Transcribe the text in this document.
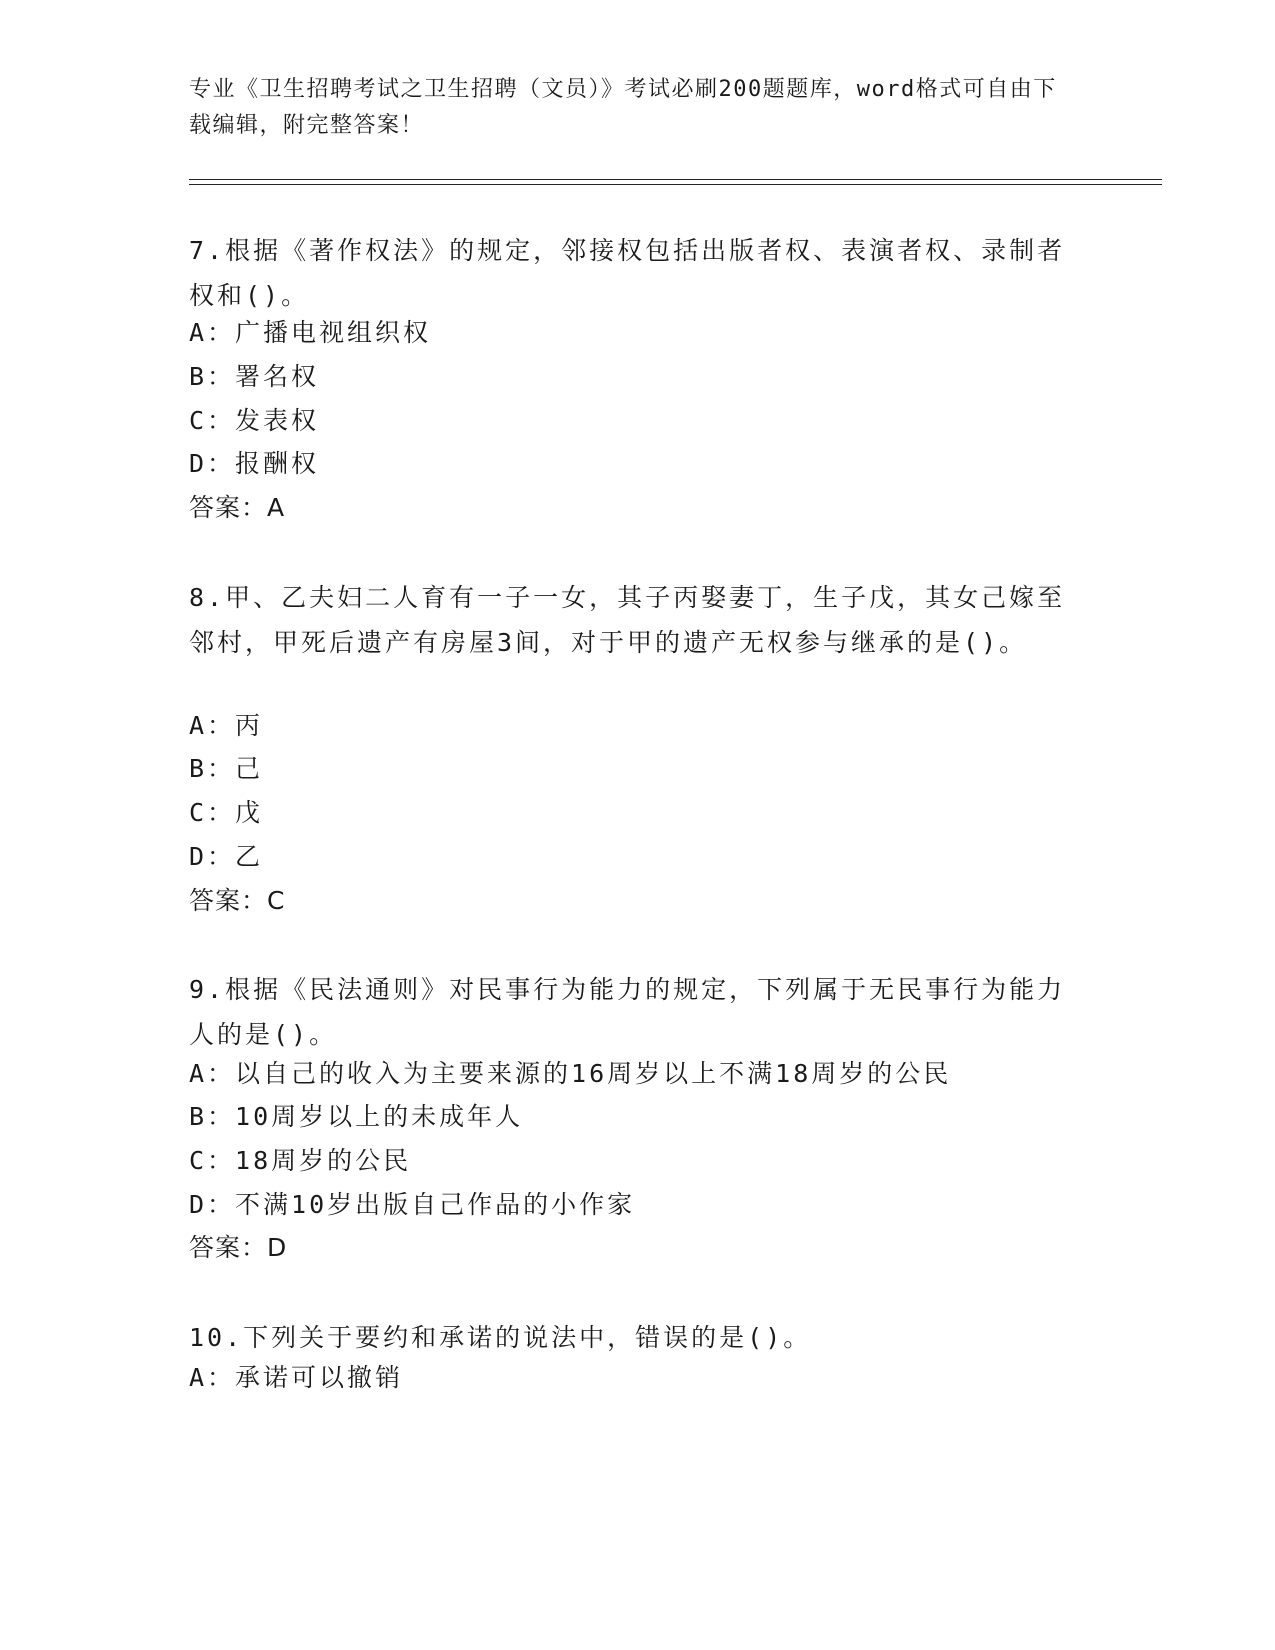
专业《卫生招聘考试之卫生招聘（文员）》考试必刷200题题库，word格式可自由下载编辑，附完整答案！
7.根据《著作权法》的规定，邻接权包括出版者权、表演者权、录制者权和()。
A：广播电视组织权
B：署名权
C：发表权
D：报酬权
答案：A
8.甲、乙夫妇二人育有一子一女，其子丙娶妻丁，生子戊，其女己嫁至邻村，甲死后遗产有房屋3间，对于甲的遗产无权参与继承的是()。
A：丙
B：己
C：戊
D：乙
答案：C
9.根据《民法通则》对民事行为能力的规定，下列属于无民事行为能力人的是()。
A：以自己的收入为主要来源的16周岁以上不满18周岁的公民
B：10周岁以上的未成年人
C：18周岁的公民
D：不满10岁出版自己作品的小作家
答案：D
10.下列关于要约和承诺的说法中，错误的是()。
A：承诺可以撤销
